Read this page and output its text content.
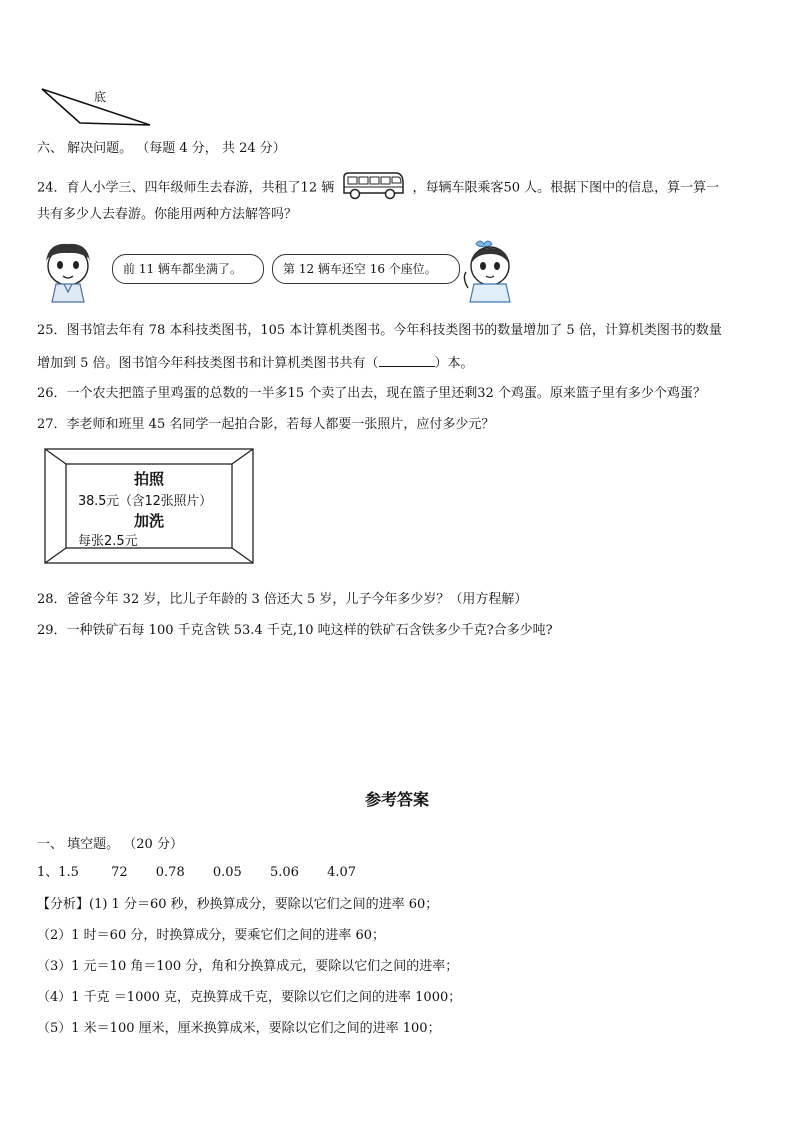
底
六、 解决问题。 （每题 4 分， 共 24 分）
24．育人小学三、四年级师生去春游，共租了12 辆	，每辆车限乘客50 人。根据下图中的信息，算一算一
共有多少人去春游。你能用两种方法解答吗？
前 11 辆车都坐满了。	第 12 辆车还空 16 个座位。
25．图书馆去年有 78 本科技类图书，105 本计算机类图书。今年科技类图书的数量增加了 5 倍，计算机类图书的数量
增加到 5 倍。图书馆今年科技类图书和计算机类图书共有（	）本。
26．一个农夫把篮子里鸡蛋的总数的一半多15 个卖了出去，现在篮子里还剩32 个鸡蛋。原来篮子里有多少个鸡蛋？
27．李老师和班里 45 名同学一起拍合影，若每人都要一张照片，应付多少元？
拍照
38.5元（含12张照片）
加洗
每张2.5元
28．爸爸今年 32 岁，比儿子年龄的 3 倍还大 5 岁，儿子今年多少岁？（用方程解）
29．一种铁矿石每 100 千克含铁 53.4 千克,10 吨这样的铁矿石含铁多少千克?合多少吨?
参考答案
一、 填空题。 （20 分）
1、1.5 72 0.78 0.05 5.06 4.07
【分析】(1) 1 分＝60 秒，秒换算成分，要除以它们之间的进率 60；
（2）1 时＝60 分，时换算成分，要乘它们之间的进率 60；
（3）1 元＝10 角＝100 分，角和分换算成元，要除以它们之间的进率；
（4）1 千克 ＝1000 克，克换算成千克，要除以它们之间的进率 1000；
（5）1 米＝100 厘米，厘米换算成米，要除以它们之间的进率 100；
